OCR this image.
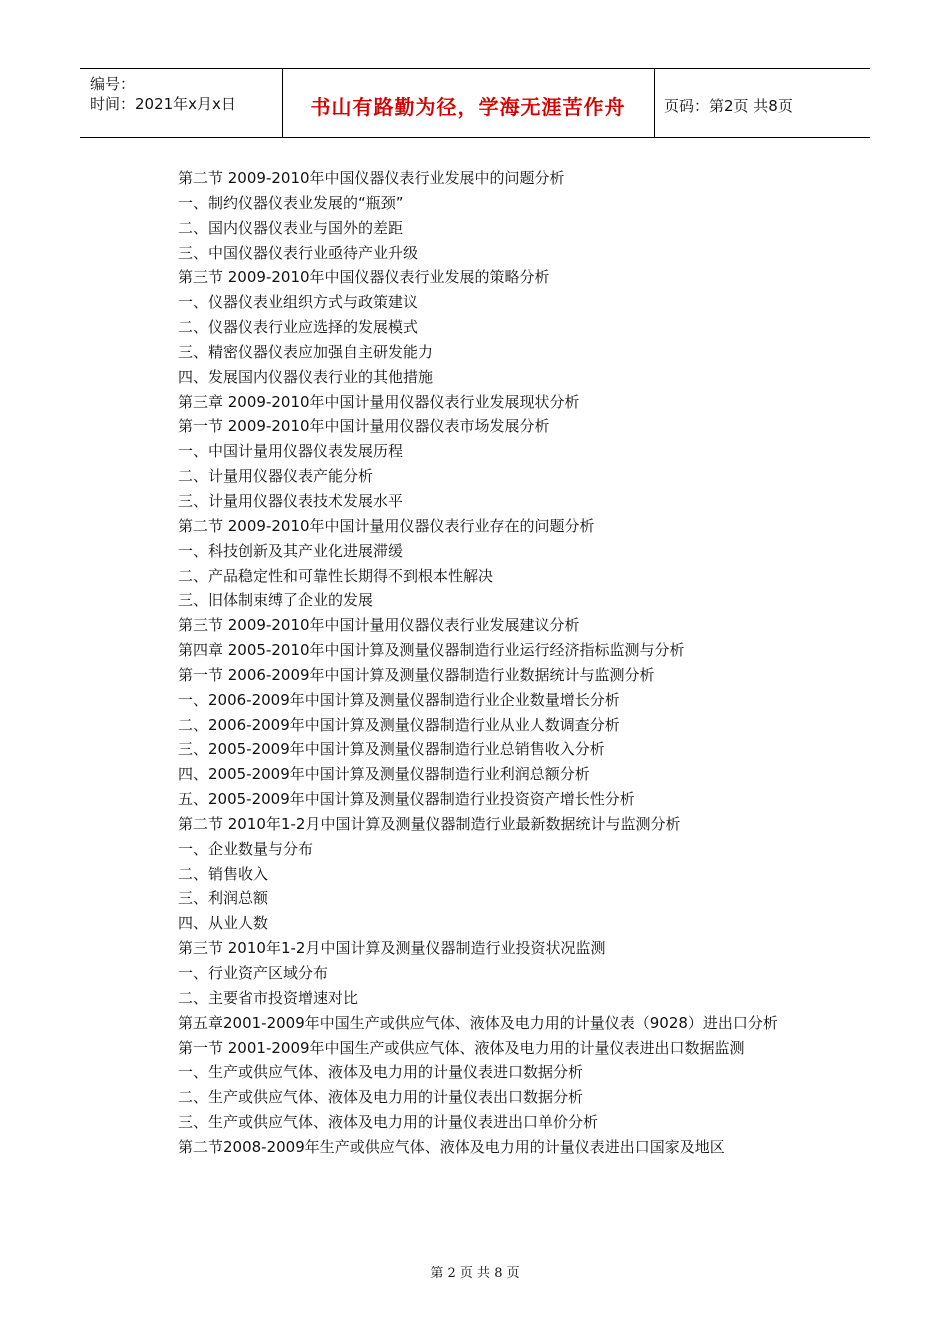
编号：
时间：2021年x月x日	书山有路勤为径，学海无涯苦作舟	页码：第2页 共8页

第二节 2009-2010年中国仪器仪表行业发展中的问题分析

一、制约仪器仪表业发展的“瓶颈”

二、国内仪器仪表业与国外的差距

三、中国仪器仪表行业亟待产业升级

第三节 2009-2010年中国仪器仪表行业发展的策略分析

一、仪器仪表业组织方式与政策建议

二、仪器仪表行业应选择的发展模式

三、精密仪器仪表应加强自主研发能力

四、发展国内仪器仪表行业的其他措施

第三章 2009-2010年中国计量用仪器仪表行业发展现状分析

第一节 2009-2010年中国计量用仪器仪表市场发展分析

一、中国计量用仪器仪表发展历程

二、计量用仪器仪表产能分析

三、计量用仪器仪表技术发展水平

第二节 2009-2010年中国计量用仪器仪表行业存在的问题分析

一、科技创新及其产业化进展滞缓

二、产品稳定性和可靠性长期得不到根本性解决

三、旧体制束缚了企业的发展

第三节 2009-2010年中国计量用仪器仪表行业发展建议分析

第四章 2005-2010年中国计算及测量仪器制造行业运行经济指标监测与分析

第一节 2006-2009年中国计算及测量仪器制造行业数据统计与监测分析

一、2006-2009年中国计算及测量仪器制造行业企业数量增长分析

二、2006-2009年中国计算及测量仪器制造行业从业人数调查分析

三、2005-2009年中国计算及测量仪器制造行业总销售收入分析

四、2005-2009年中国计算及测量仪器制造行业利润总额分析

五、2005-2009年中国计算及测量仪器制造行业投资资产增长性分析

第二节 2010年1-2月中国计算及测量仪器制造行业最新数据统计与监测分析

一、企业数量与分布

二、销售收入

三、利润总额

四、从业人数

第三节 2010年1-2月中国计算及测量仪器制造行业投资状况监测

一、行业资产区域分布

二、主要省市投资增速对比

第五章2001-2009年中国生产或供应气体、液体及电力用的计量仪表（9028）进出口分析

第一节 2001-2009年中国生产或供应气体、液体及电力用的计量仪表进出口数据监测

一、生产或供应气体、液体及电力用的计量仪表进口数据分析

二、生产或供应气体、液体及电力用的计量仪表出口数据分析

三、生产或供应气体、液体及电力用的计量仪表进出口单价分析

第二节2008-2009年生产或供应气体、液体及电力用的计量仪表进出口国家及地区

第 2 页 共 8 页
